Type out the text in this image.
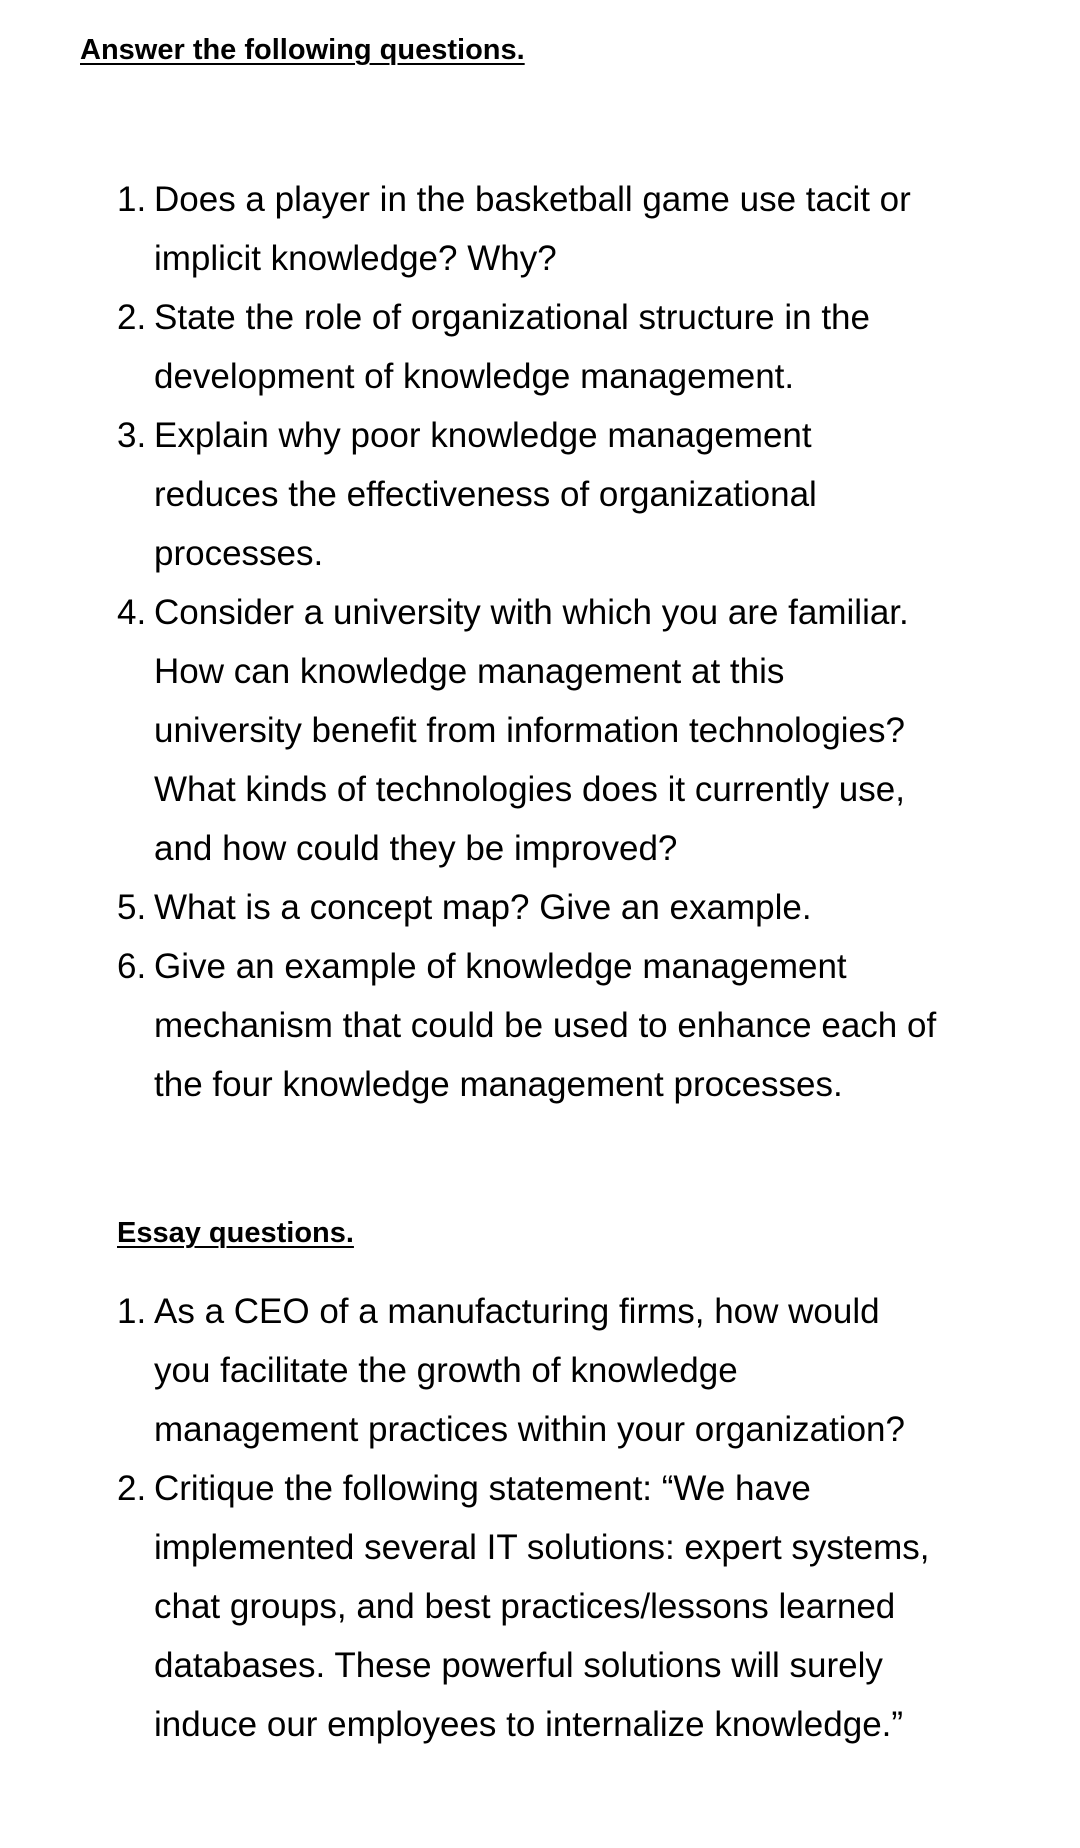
Answer the following questions.
1. Does a player in the basketball game use tacit or
implicit knowledge? Why?
2. State the role of organizational structure in the
development of knowledge management.
3. Explain why poor knowledge management
reduces the effectiveness of organizational
processes.
4. Consider a university with which you are familiar.
How can knowledge management at this
university benefit from information technologies?
What kinds of technologies does it currently use,
and how could they be improved?
5. What is a concept map? Give an example.
6. Give an example of knowledge management
mechanism that could be used to enhance each of
the four knowledge management processes.
Essay questions.
1. As a CEO of a manufacturing firms, how would
you facilitate the growth of knowledge
management practices within your organization?
2. Critique the following statement: “We have
implemented several IT solutions: expert systems,
chat groups, and best practices/lessons learned
databases. These powerful solutions will surely
induce our employees to internalize knowledge.”
